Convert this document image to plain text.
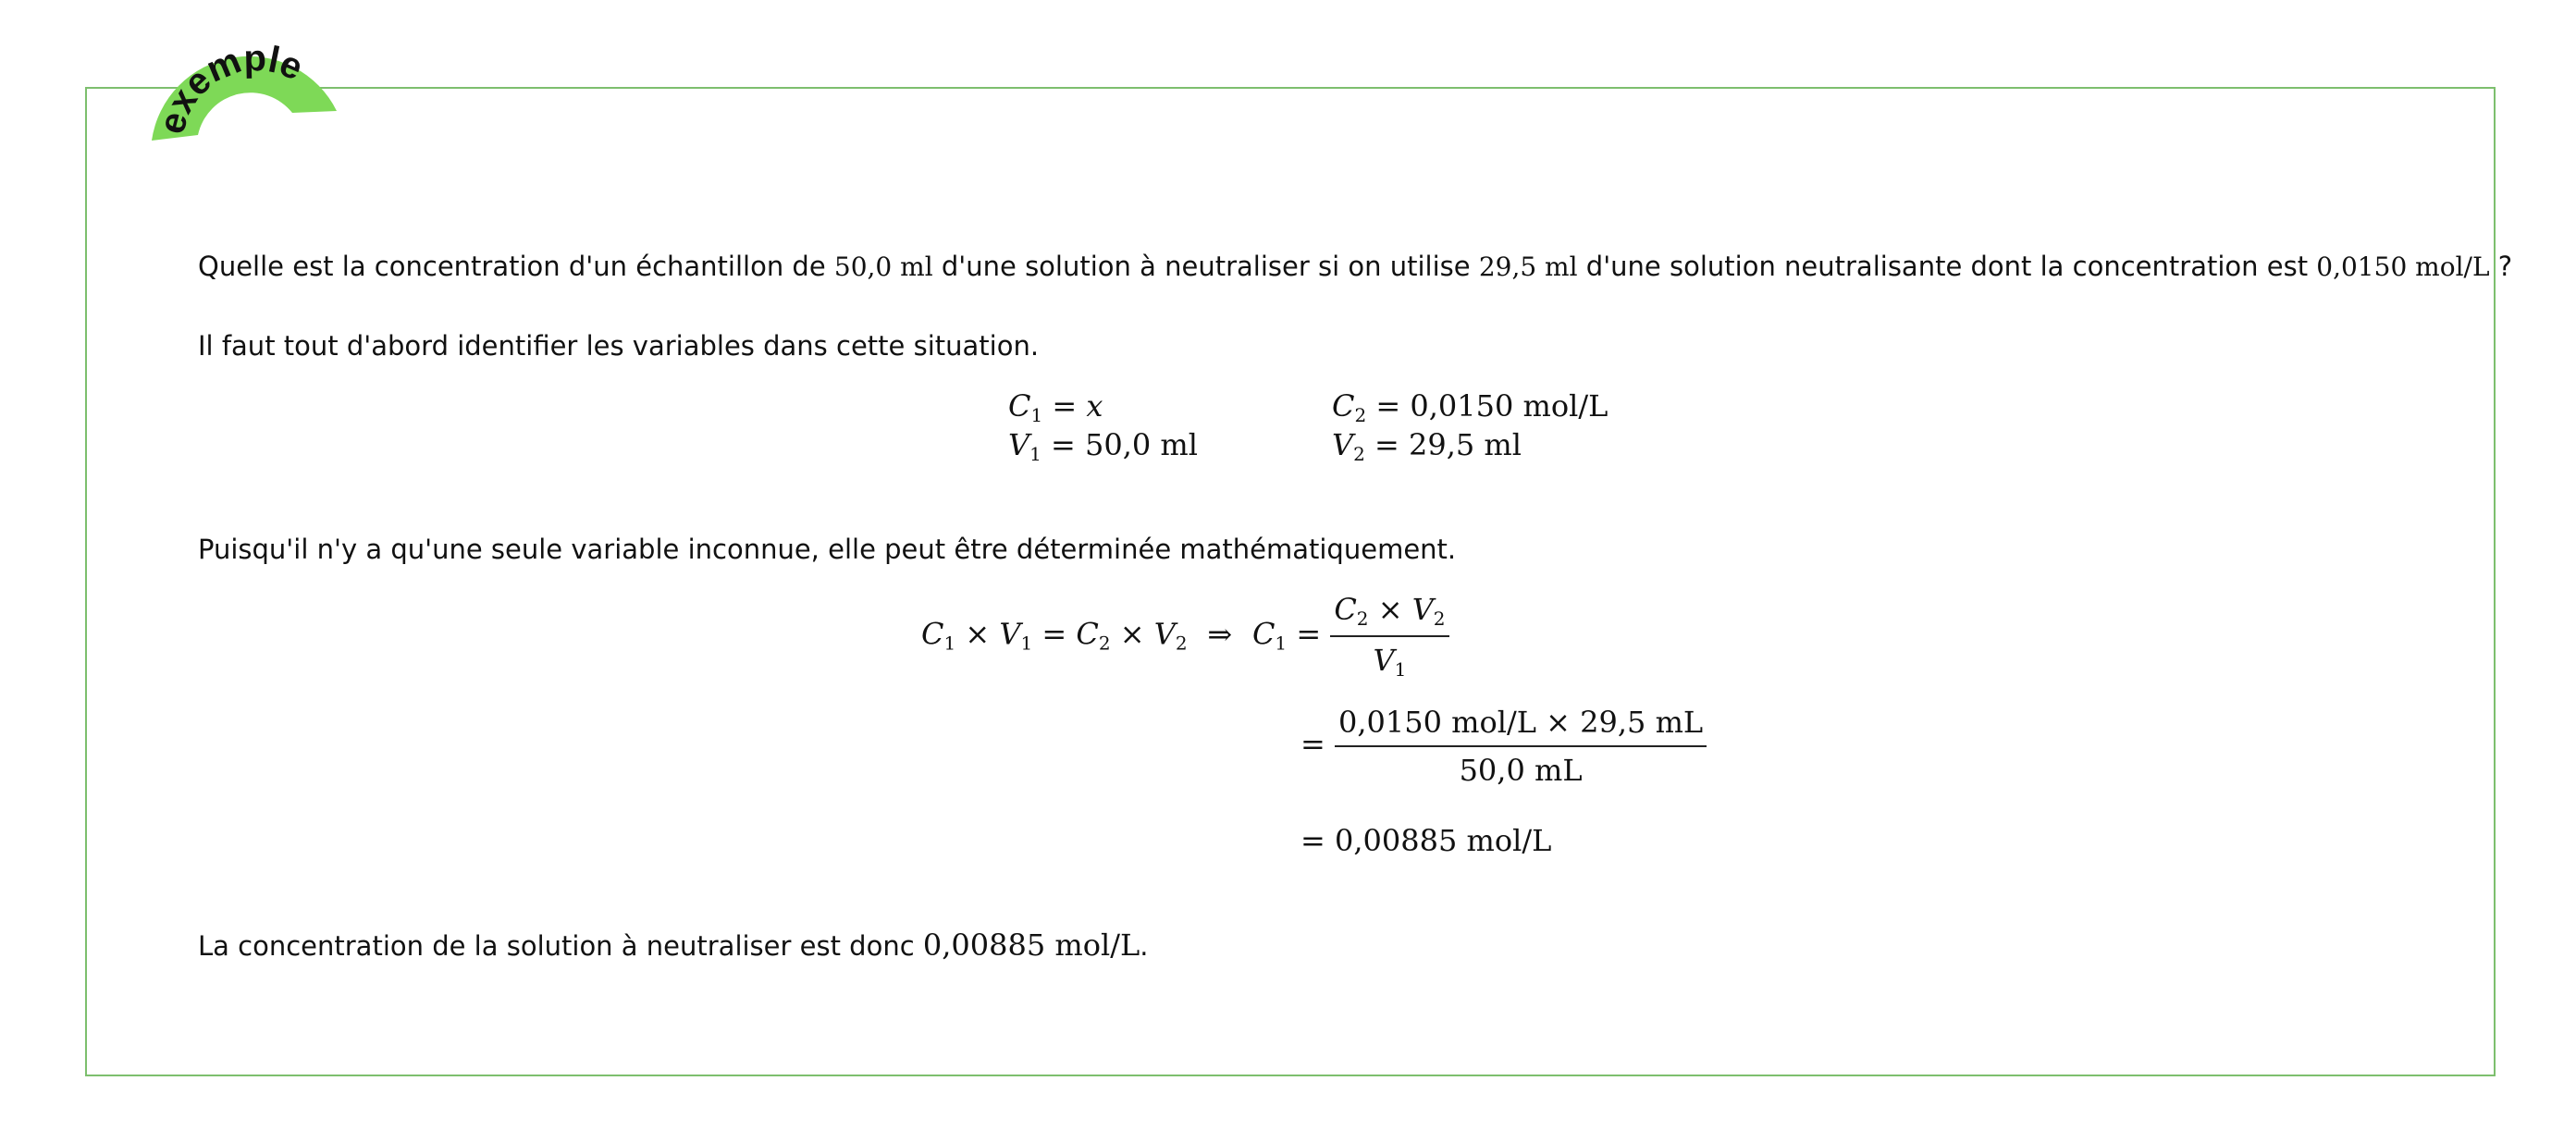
exemple
Quelle est la concentration d'un échantillon de 50,0 ml d'une solution à neutraliser si on utilise 29,5 ml d'une solution neutralisante dont la concentration est 0,0150 mol/L ?
Il faut tout d'abord identifier les variables dans cette situation.
$C_1 = x$
$V_1 = 50,0$ ml
$C_2 = 0,0150$ mol/L
$V_2 = 29,5$ ml
Puisqu'il n'y a qu'une seule variable inconnue, elle peut être déterminée mathématiquement.
$C_1 \times V_1 = C_2 \times V_2$ ⇒ $C_1 = \frac{C_2 \times V_2}{V_1}$
= $\frac{\text{0,0150 mol/L × 29,5 mL}}{50,0 mL}$
= 0,00885 mol/L
La concentration de la solution à neutraliser est donc 0,00885 mol/L.
